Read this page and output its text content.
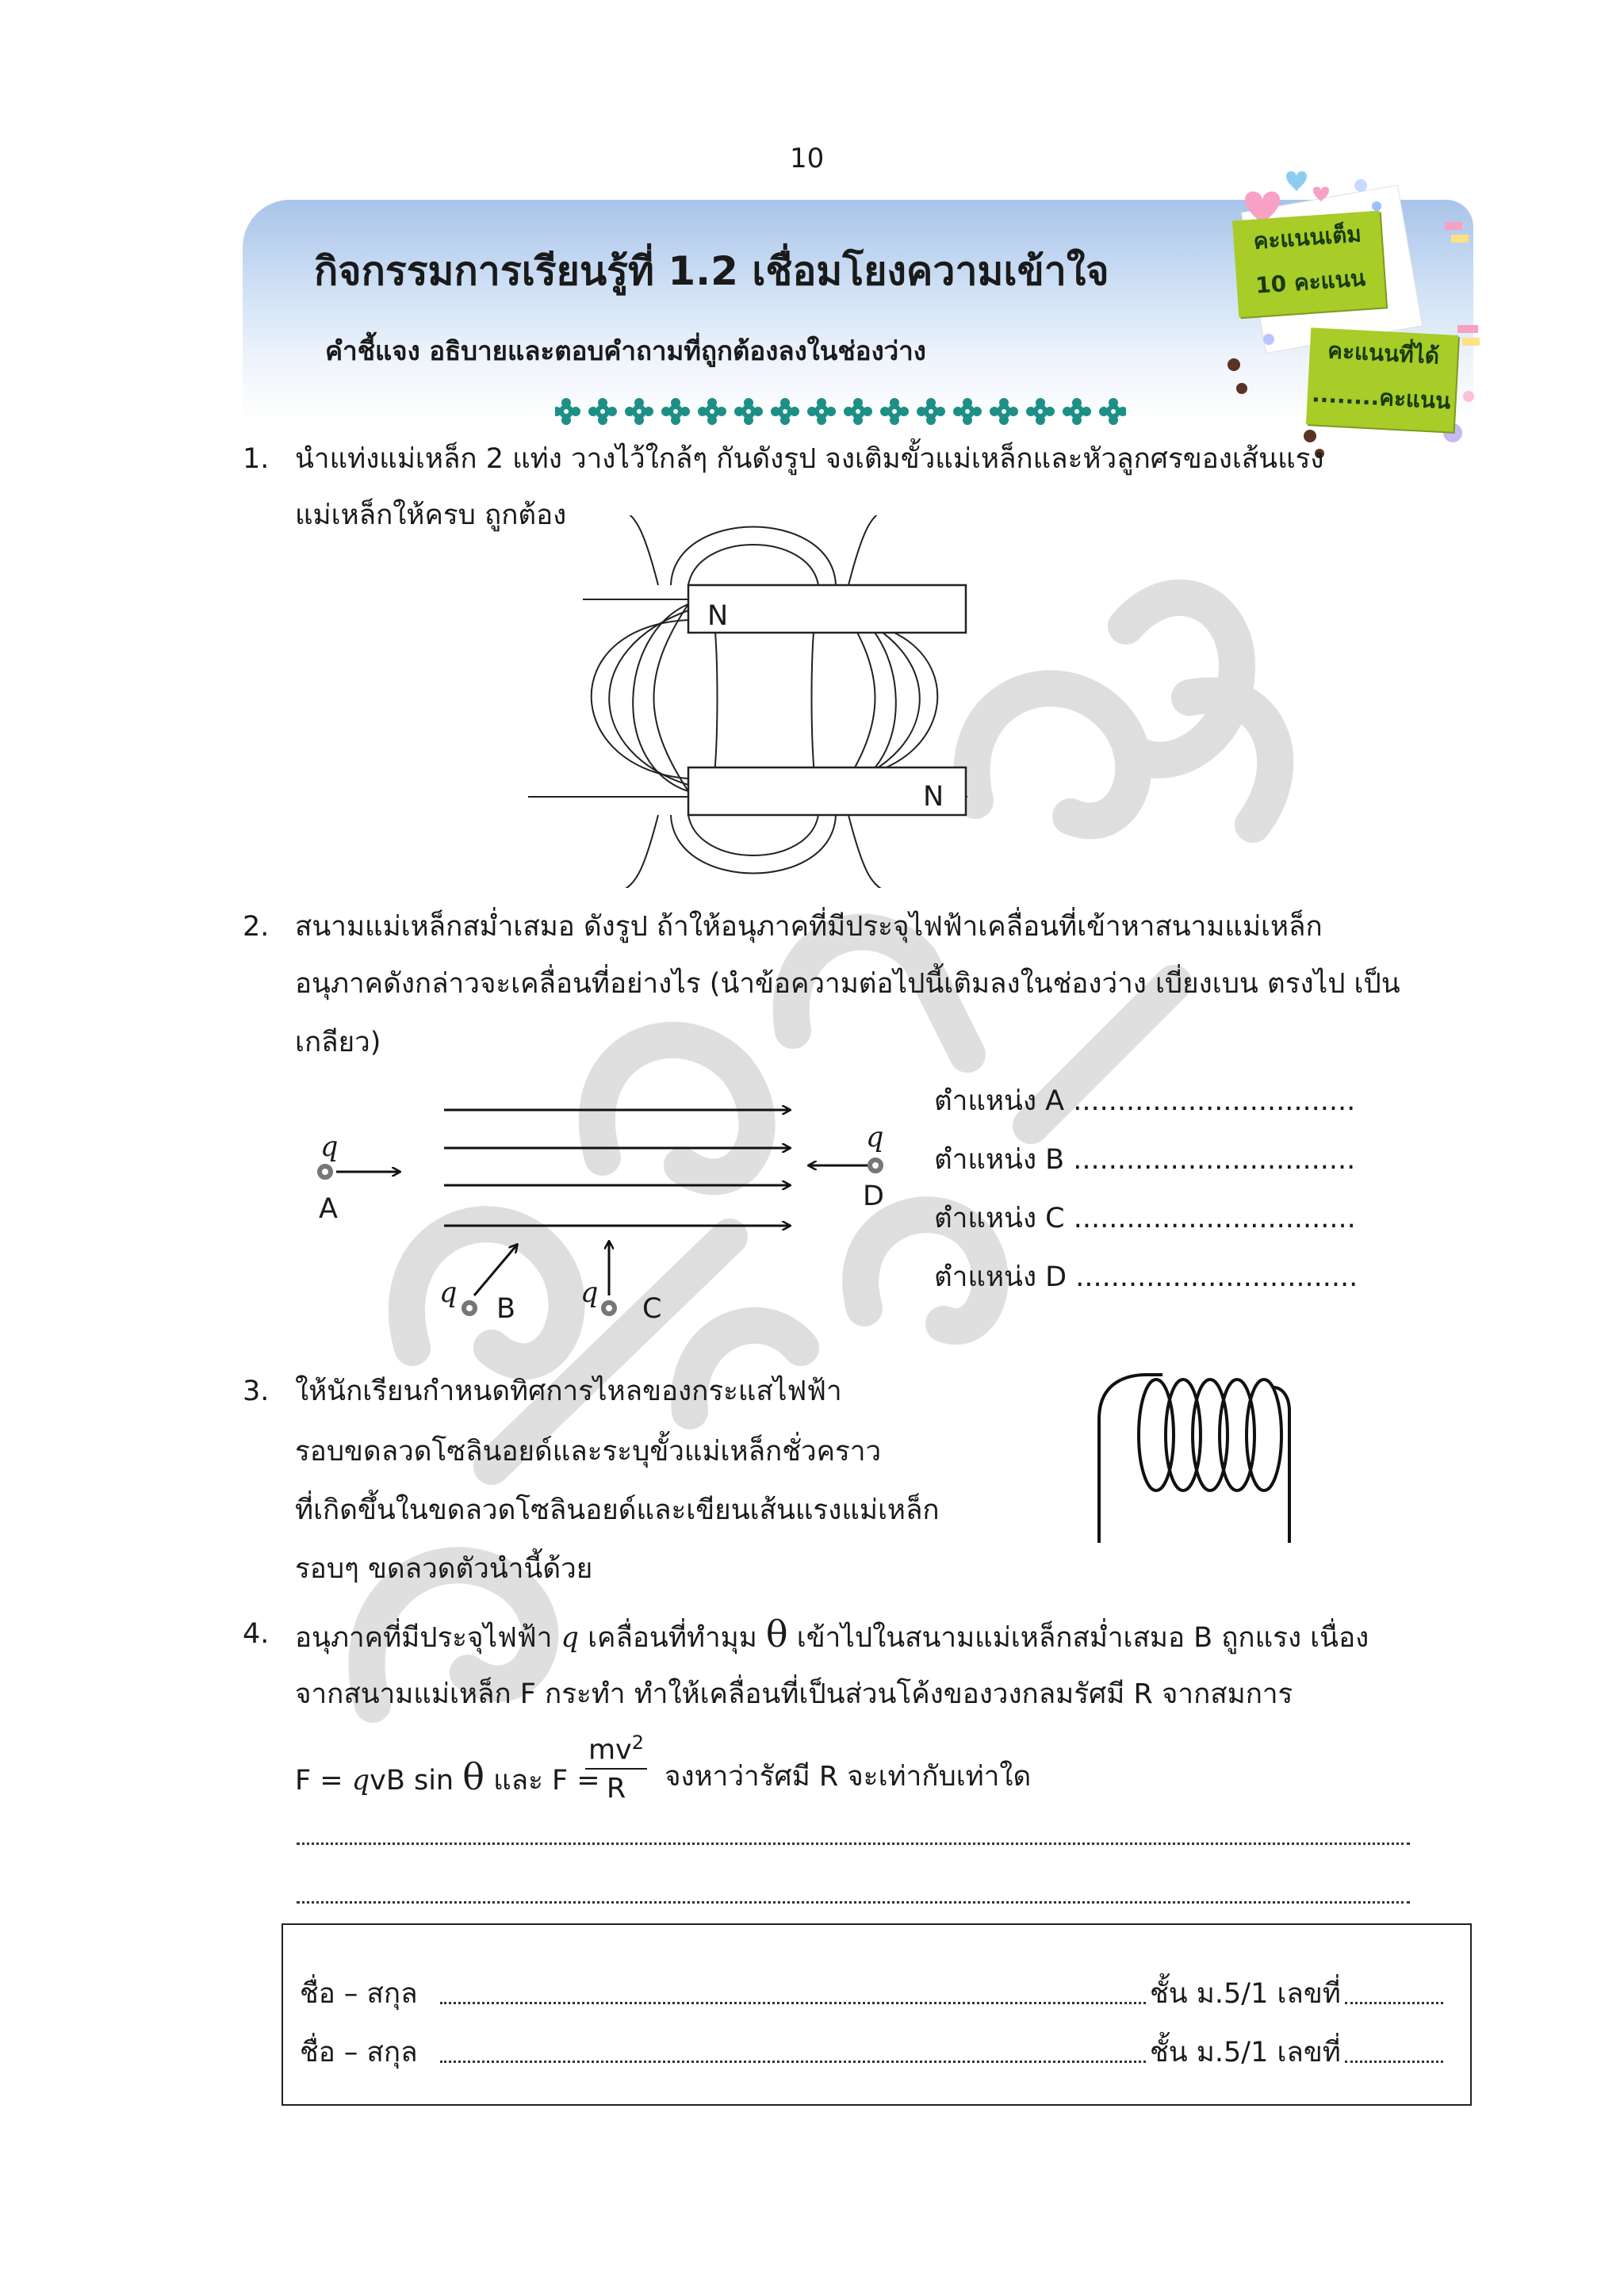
10
กิจกรรมการเรียนรู้ที่ 1.2 เชื่อมโยงความเข้าใจ
คำชี้แจง อธิบายและตอบคำถามที่ถูกต้องลงในช่องว่าง
คะแนนเต็ม
10 คะแนน
คะแนนที่ได้
........คะแนน
1. นำแท่งแม่เหล็ก 2 แท่ง วางไว้ใกล้ๆ กันดังรูป จงเติมขั้วแม่เหล็กและหัวลูกศรของเส้นแรง
แม่เหล็กให้ครบ ถูกต้อง
N
N
2. สนามแม่เหล็กสม่ำเสมอ ดังรูป ถ้าให้อนุภาคที่มีประจุไฟฟ้าเคลื่อนที่เข้าหาสนามแม่เหล็ก
อนุภาคดังกล่าวจะเคลื่อนที่อย่างไร (นำข้อความต่อไปนี้เติมลงในช่องว่าง เบี่ยงเบน ตรงไป เป็น
เกลียว)
q
A
q
D
q B q C
ตำแหน่ง A ................................
ตำแหน่ง B ................................
ตำแหน่ง C ................................
ตำแหน่ง D ................................
3. ให้นักเรียนกำหนดทิศการไหลของกระแสไฟฟ้า
รอบขดลวดโซลินอยด์และระบุขั้วแม่เหล็กชั่วคราว
ที่เกิดขึ้นในขดลวดโซลินอยด์และเขียนเส้นแรงแม่เหล็ก
รอบๆ ขดลวดตัวนำนี้ด้วย
4. อนุภาคที่มีประจุไฟฟ้า q เคลื่อนที่ทำมุม θ เข้าไปในสนามแม่เหล็กสม่ำเสมอ B ถูกแรง เนื่อง
จากสนามแม่เหล็ก F กระทำ ทำให้เคลื่อนที่เป็นส่วนโค้งของวงกลมรัศมี R จากสมการ
F = qvB sin θ และ F =
$\frac{mv^2}{R}$ จงหาว่ารัศมี R จะเท่ากับเท่าใด
ชื่อ – สกุล	ชั้น ม.5/1 เลขที่
ชื่อ – สกุล	ชั้น ม.5/1 เลขที่
